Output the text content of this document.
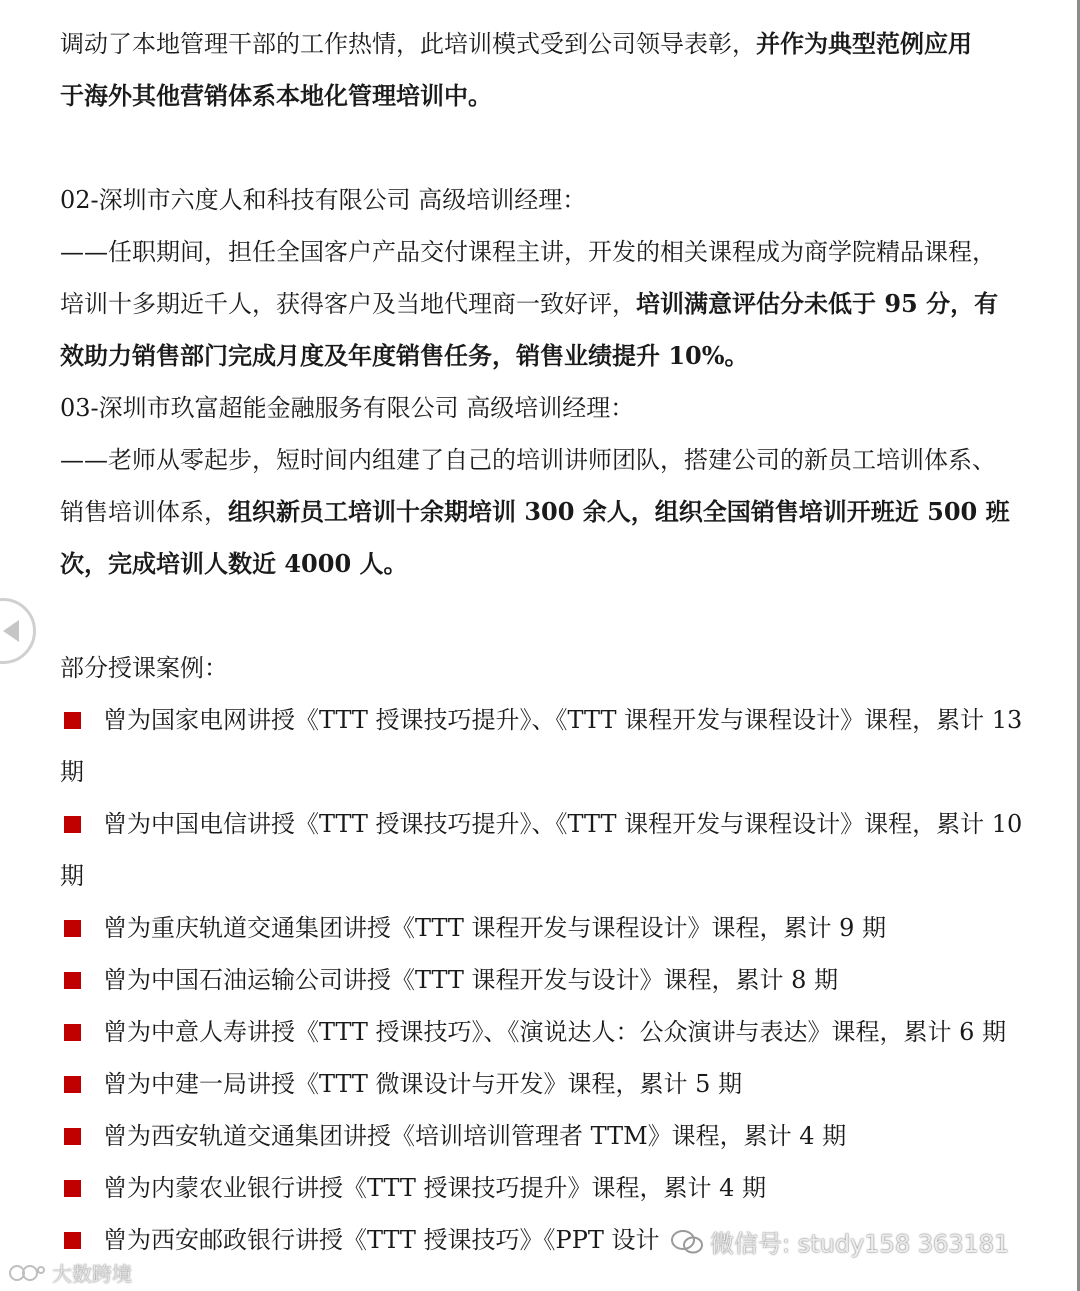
调动了本地管理干部的工作热情，此培训模式受到公司领导表彰，并作为典型范例应用
于海外其他营销体系本地化管理培训中。
02-深圳市六度人和科技有限公司 高级培训经理：
——任职期间，担任全国客户产品交付课程主讲，开发的相关课程成为商学院精品课程，
培训十多期近千人，获得客户及当地代理商一致好评，培训满意评估分未低于 95 分，有
效助力销售部门完成月度及年度销售任务，销售业绩提升 10%。
03-深圳市玖富超能金融服务有限公司 高级培训经理：
——老师从零起步，短时间内组建了自己的培训讲师团队，搭建公司的新员工培训体系、
销售培训体系，组织新员工培训十余期培训 300 余人，组织全国销售培训开班近 500 班
次，完成培训人数近 4000 人。
部分授课案例：
曾为国家电网讲授《TTT 授课技巧提升》、《TTT 课程开发与课程设计》课程，累计 13
期
曾为中国电信讲授《TTT 授课技巧提升》、《TTT 课程开发与课程设计》课程，累计 10
期
曾为重庆轨道交通集团讲授《TTT 课程开发与课程设计》课程，累计 9 期
曾为中国石油运输公司讲授《TTT 课程开发与设计》课程，累计 8 期
曾为中意人寿讲授《TTT 授课技巧》、《演说达人：公众演讲与表达》课程，累计 6 期
曾为中建一局讲授《TTT 微课设计与开发》课程，累计 5 期
曾为西安轨道交通集团讲授《培训培训管理者 TTM》课程，累计 4 期
曾为内蒙农业银行讲授《TTT 授课技巧提升》课程，累计 4 期
曾为西安邮政银行讲授《TTT 授课技巧》《PPT 设计
大数跨境
微信号: study158 363181
